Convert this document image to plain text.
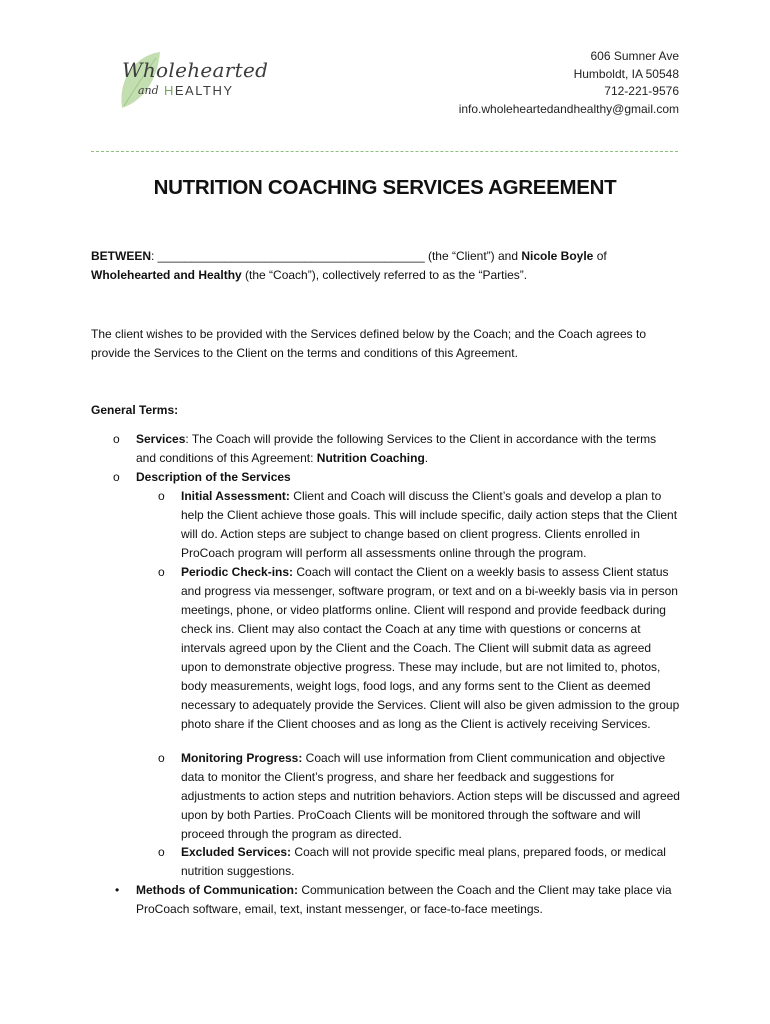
Wholehearted
and HEALTHY
606 Sumner Ave
Humboldt, IA 50548
712-221-9576
info.wholeheartedandhealthy@gmail.com
NUTRITION COACHING SERVICES AGREEMENT
BETWEEN: ________________________________________ (the “Client”) and Nicole Boyle of
Wholehearted and Healthy (the “Coach”), collectively referred to as the “Parties”.
The client wishes to be provided with the Services defined below by the Coach; and the Coach agrees to provide the Services to the Client on the terms and conditions of this Agreement.
General Terms:
o Services: The Coach will provide the following Services to the Client in accordance with the terms and conditions of this Agreement: Nutrition Coaching.
o Description of the Services
o Initial Assessment: Client and Coach will discuss the Client’s goals and develop a plan to help the Client achieve those goals. This will include specific, daily action steps that the Client will do. Action steps are subject to change based on client progress. Clients enrolled in ProCoach program will perform all assessments online through the program.
o Periodic Check-ins: Coach will contact the Client on a weekly basis to assess Client status and progress via messenger, software program, or text and on a bi-weekly basis via in person meetings, phone, or video platforms online. Client will respond and provide feedback during check ins. Client may also contact the Coach at any time with questions or concerns at intervals agreed upon by the Client and the Coach. The Client will submit data as agreed upon to demonstrate objective progress. These may include, but are not limited to, photos, body measurements, weight logs, food logs, and any forms sent to the Client as deemed necessary to adequately provide the Services. Client will also be given admission to the group photo share if the Client chooses and as long as the Client is actively receiving Services.
o Monitoring Progress: Coach will use information from Client communication and objective data to monitor the Client’s progress, and share her feedback and suggestions for adjustments to action steps and nutrition behaviors. Action steps will be discussed and agreed upon by both Parties. ProCoach Clients will be monitored through the software and will proceed through the program as directed.
o Excluded Services: Coach will not provide specific meal plans, prepared foods, or medical nutrition suggestions.
• Methods of Communication: Communication between the Coach and the Client may take place via ProCoach software, email, text, instant messenger, or face-to-face meetings.
